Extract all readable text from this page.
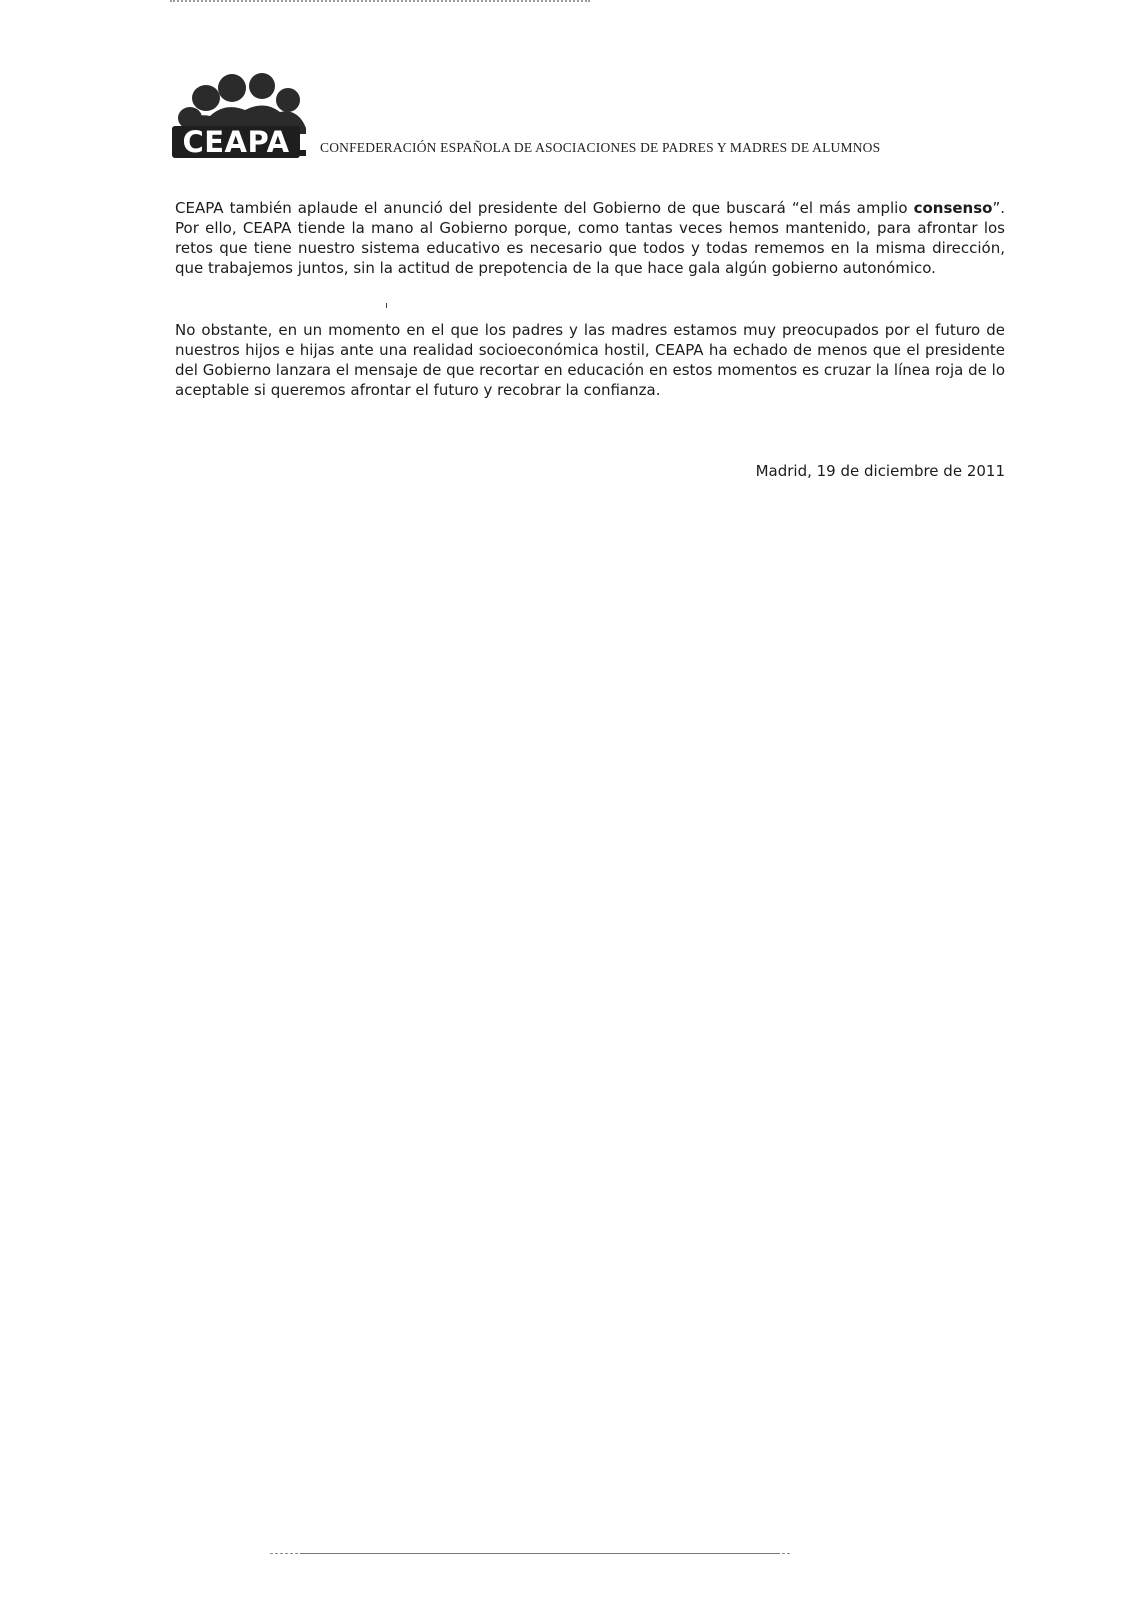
CEAPA CONFEDERACIÓN ESPAÑOLA DE ASOCIACIONES DE PADRES Y MADRES DE ALUMNOS
CEAPA también aplaude el anunció del presidente del Gobierno de que buscará “el más amplio consenso”. Por ello, CEAPA tiende la mano al Gobierno porque, como tantas veces hemos mantenido, para afrontar los retos que tiene nuestro sistema educativo es necesario que todos y todas rememos en la misma dirección, que trabajemos juntos, sin la actitud de prepotencia de la que hace gala algún gobierno autonómico.
No obstante, en un momento en el que los padres y las madres estamos muy preocupados por el futuro de nuestros hijos e hijas ante una realidad socioeconómica hostil, CEAPA ha echado de menos que el presidente del Gobierno lanzara el mensaje de que recortar en educación en estos momentos es cruzar la línea roja de lo aceptable si queremos afrontar el futuro y recobrar la confianza.
Madrid, 19 de diciembre de 2011
